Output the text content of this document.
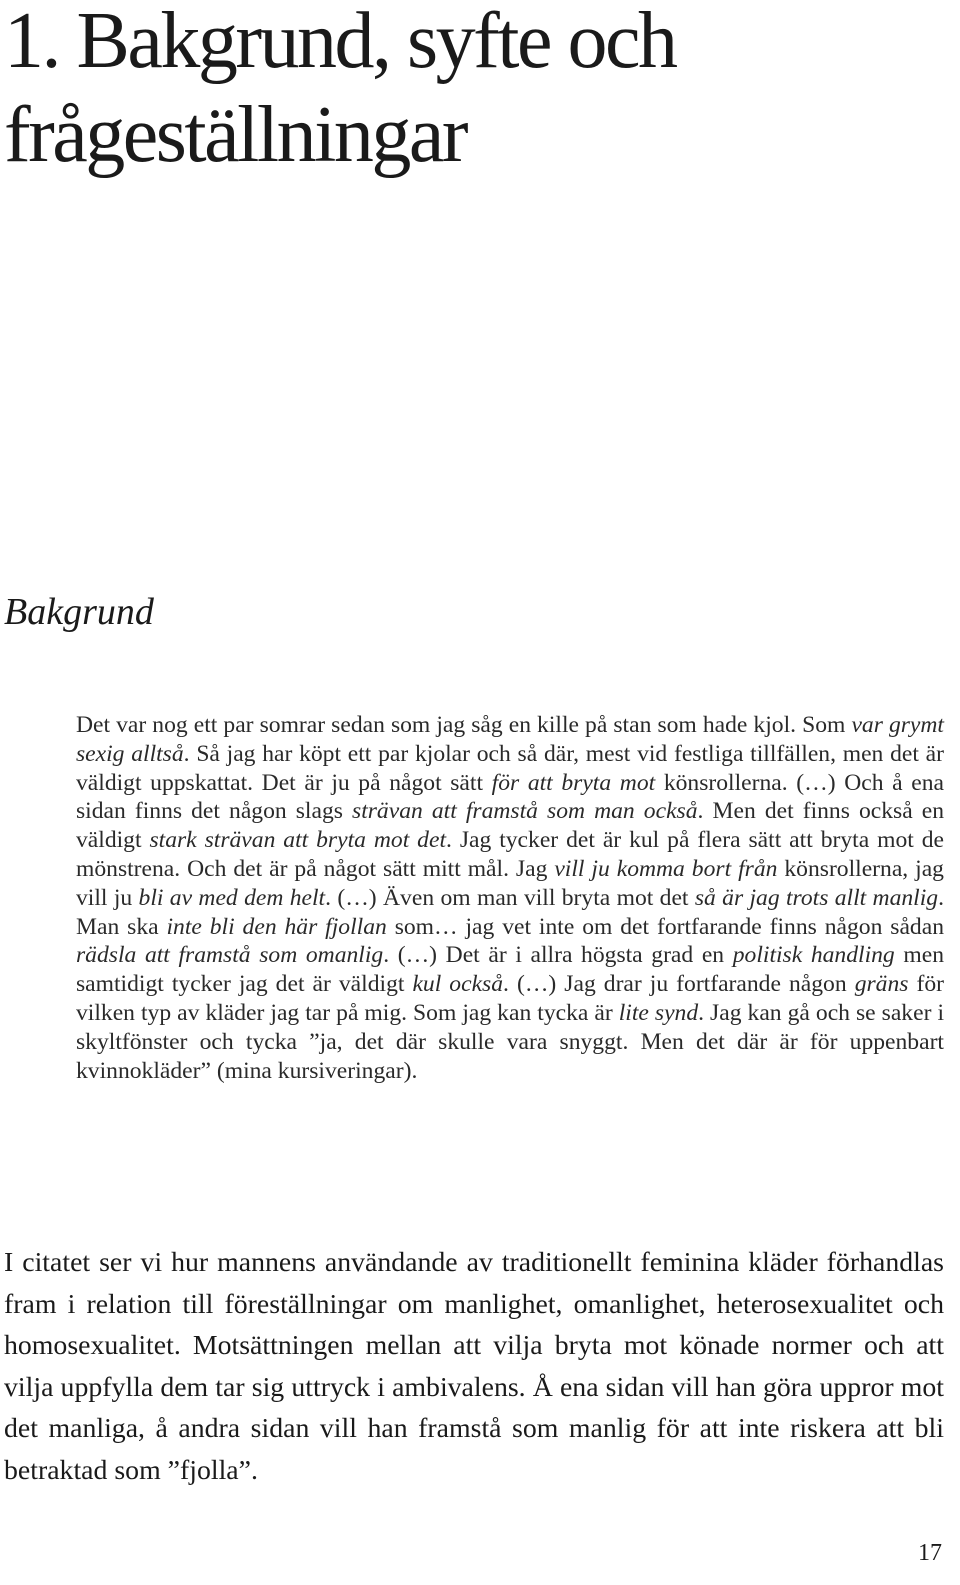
1. Bakgrund, syfte och frågeställningar
Bakgrund

Det var nog ett par somrar sedan som jag såg en kille på stan som hade kjol. Som var grymt sexig alltså. Så jag har köpt ett par kjolar och så där, mest vid festliga tillfällen, men det är väldigt uppskattat. Det är ju på något sätt för att bryta mot könsrollerna. (…) Och å ena sidan finns det någon slags strävan att framstå som man också. Men det finns också en väldigt stark strävan att bryta mot det. Jag tycker det är kul på flera sätt att bryta mot de mönstrena. Och det är på något sätt mitt mål. Jag vill ju komma bort från könsrollerna, jag vill ju bli av med dem helt. (…) Även om man vill bryta mot det så är jag trots allt manlig. Man ska inte bli den här fjollan som… jag vet inte om det fortfarande finns någon sådan rädsla att framstå som omanlig. (…) Det är i allra högsta grad en politisk handling men samtidigt tycker jag det är väldigt kul också. (…) Jag drar ju fortfarande någon gräns för vilken typ av kläder jag tar på mig. Som jag kan tycka är lite synd. Jag kan gå och se saker i skyltfönster och tycka ”ja, det där skulle vara snyggt. Men det där är för uppenbart kvinnokläder” (mina kursiveringar).

I citatet ser vi hur mannens användande av traditionellt feminina kläder förhandlas fram i relation till föreställningar om manlighet, omanlighet, heterosexualitet och homosexualitet. Motsättningen mellan att vilja bryta mot könade normer och att vilja uppfylla dem tar sig uttryck i ambivalens. Å ena sidan vill han göra uppror mot det manliga, å andra sidan vill han framstå som manlig för att inte riskera att bli betraktad som ”fjolla”.

17
